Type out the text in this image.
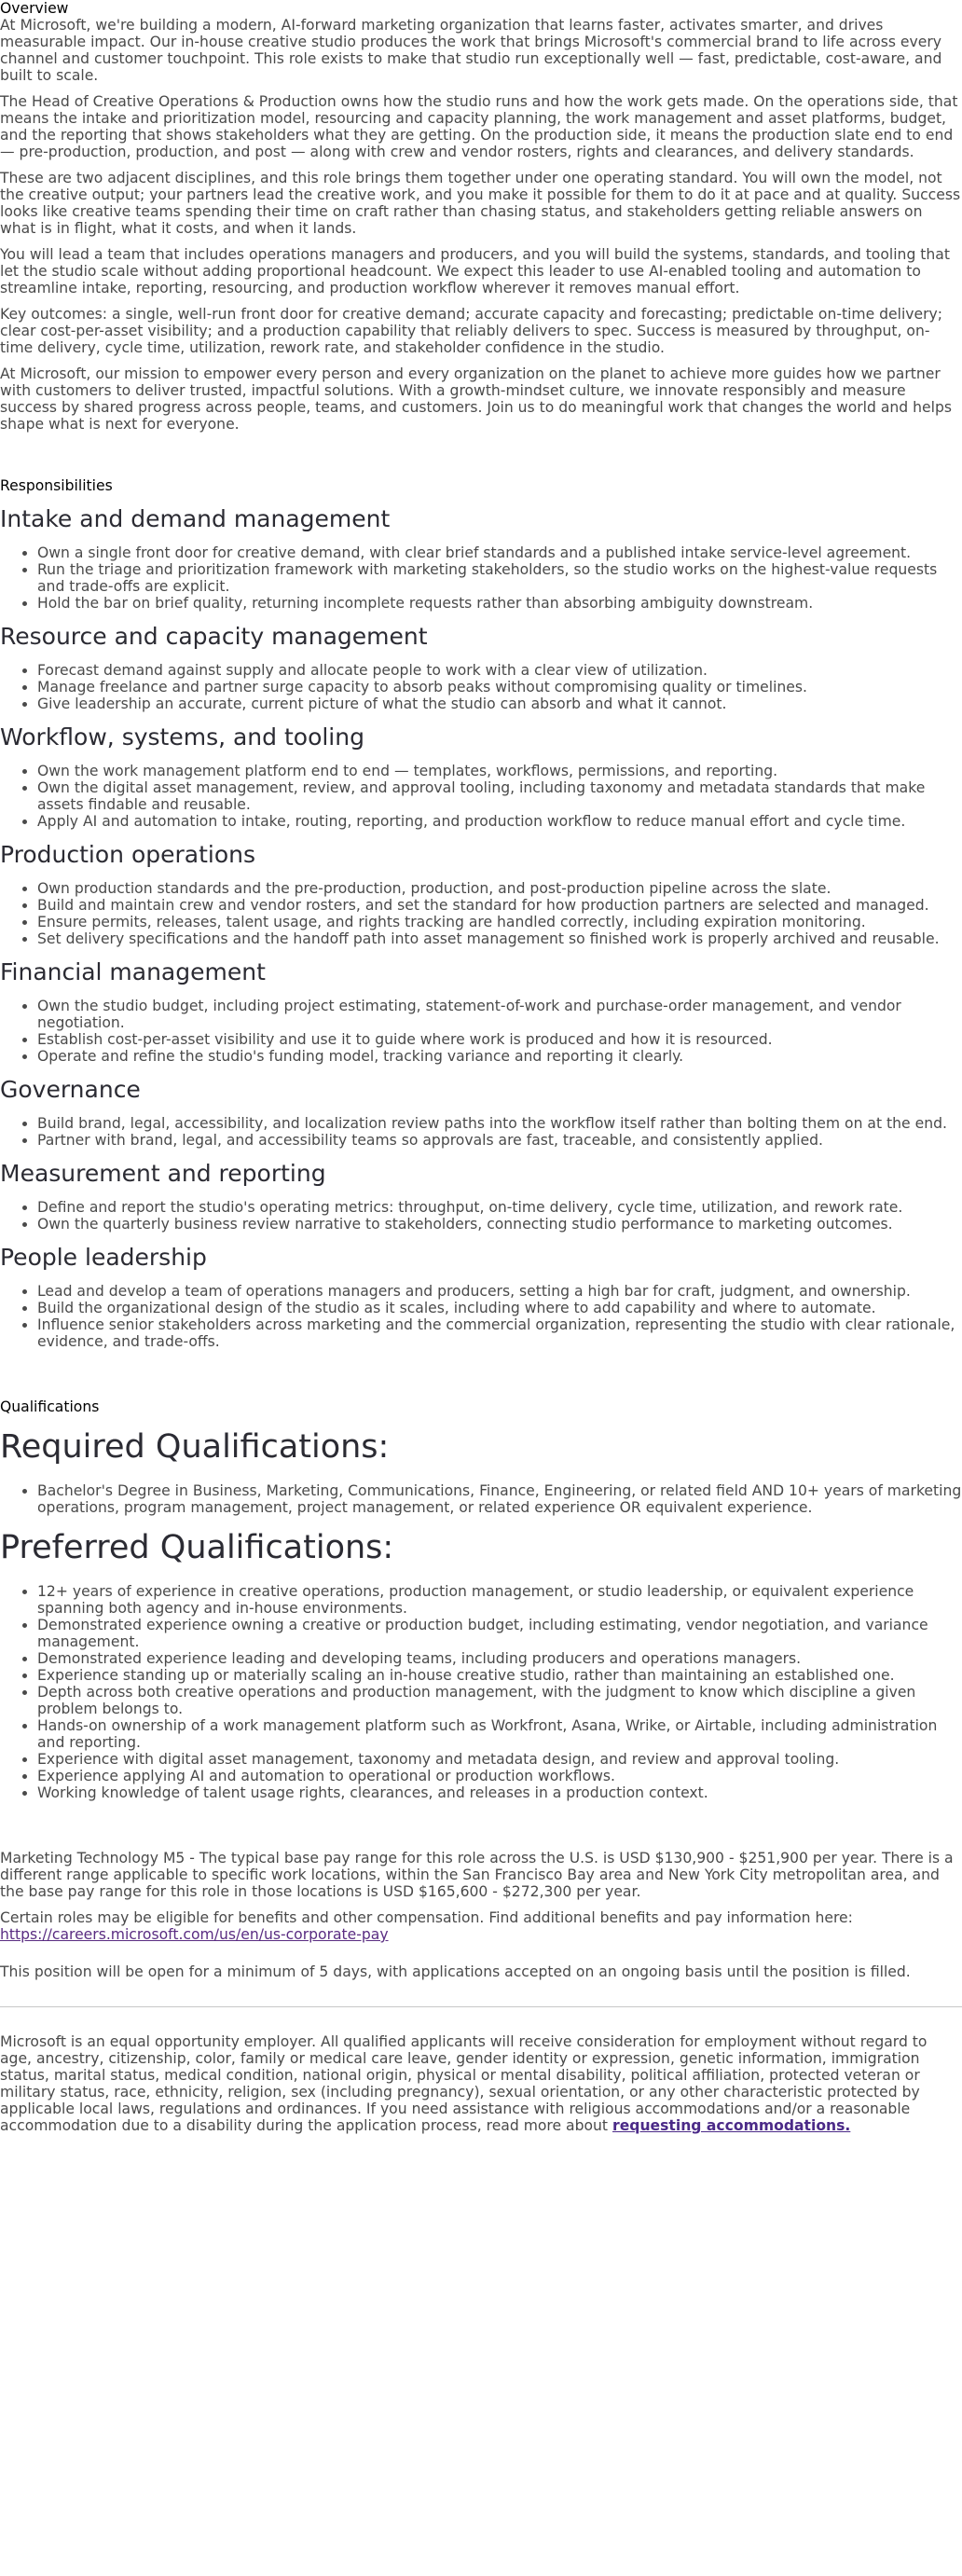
Overview

At Microsoft, we're building a modern, AI-forward marketing organization that learns faster, activates smarter, and drives measurable impact. Our in-house creative studio produces the work that brings Microsoft's commercial brand to life across every channel and customer touchpoint. This role exists to make that studio run exceptionally well — fast, predictable, cost-aware, and built to scale.

The Head of Creative Operations & Production owns how the studio runs and how the work gets made. On the operations side, that means the intake and prioritization model, resourcing and capacity planning, the work management and asset platforms, budget, and the reporting that shows stakeholders what they are getting. On the production side, it means the production slate end to end — pre-production, production, and post — along with crew and vendor rosters, rights and clearances, and delivery standards.

These are two adjacent disciplines, and this role brings them together under one operating standard. You will own the model, not the creative output; your partners lead the creative work, and you make it possible for them to do it at pace and at quality. Success looks like creative teams spending their time on craft rather than chasing status, and stakeholders getting reliable answers on what is in flight, what it costs, and when it lands.

You will lead a team that includes operations managers and producers, and you will build the systems, standards, and tooling that let the studio scale without adding proportional headcount. We expect this leader to use AI-enabled tooling and automation to streamline intake, reporting, resourcing, and production workflow wherever it removes manual effort.

Key outcomes: a single, well-run front door for creative demand; accurate capacity and forecasting; predictable on-time delivery; clear cost-per-asset visibility; and a production capability that reliably delivers to spec. Success is measured by throughput, on-time delivery, cycle time, utilization, rework rate, and stakeholder confidence in the studio.

At Microsoft, our mission to empower every person and every organization on the planet to achieve more guides how we partner with customers to deliver trusted, impactful solutions. With a growth-mindset culture, we innovate responsibly and measure success by shared progress across people, teams, and customers. Join us to do meaningful work that changes the world and helps shape what is next for everyone.

Responsibilities
Intake and demand management
• Own a single front door for creative demand, with clear brief standards and a published intake service-level agreement.
• Run the triage and prioritization framework with marketing stakeholders, so the studio works on the highest-value requests and trade-offs are explicit.
• Hold the bar on brief quality, returning incomplete requests rather than absorbing ambiguity downstream.
Resource and capacity management
• Forecast demand against supply and allocate people to work with a clear view of utilization.
• Manage freelance and partner surge capacity to absorb peaks without compromising quality or timelines.
• Give leadership an accurate, current picture of what the studio can absorb and what it cannot.
Workflow, systems, and tooling
• Own the work management platform end to end — templates, workflows, permissions, and reporting.
• Own the digital asset management, review, and approval tooling, including taxonomy and metadata standards that make assets findable and reusable.
• Apply AI and automation to intake, routing, reporting, and production workflow to reduce manual effort and cycle time.
Production operations
• Own production standards and the pre-production, production, and post-production pipeline across the slate.
• Build and maintain crew and vendor rosters, and set the standard for how production partners are selected and managed.
• Ensure permits, releases, talent usage, and rights tracking are handled correctly, including expiration monitoring.
• Set delivery specifications and the handoff path into asset management so finished work is properly archived and reusable.
Financial management
• Own the studio budget, including project estimating, statement-of-work and purchase-order management, and vendor negotiation.
• Establish cost-per-asset visibility and use it to guide where work is produced and how it is resourced.
• Operate and refine the studio's funding model, tracking variance and reporting it clearly.
Governance
• Build brand, legal, accessibility, and localization review paths into the workflow itself rather than bolting them on at the end.
• Partner with brand, legal, and accessibility teams so approvals are fast, traceable, and consistently applied.
Measurement and reporting
• Define and report the studio's operating metrics: throughput, on-time delivery, cycle time, utilization, and rework rate.
• Own the quarterly business review narrative to stakeholders, connecting studio performance to marketing outcomes.
People leadership
• Lead and develop a team of operations managers and producers, setting a high bar for craft, judgment, and ownership.
• Build the organizational design of the studio as it scales, including where to add capability and where to automate.
• Influence senior stakeholders across marketing and the commercial organization, representing the studio with clear rationale, evidence, and trade-offs.
Qualifications
Required Qualifications:
• Bachelor's Degree in Business, Marketing, Communications, Finance, Engineering, or related field AND 10+ years of marketing operations, program management, project management, or related experience OR equivalent experience.
Preferred Qualifications:
• 12+ years of experience in creative operations, production management, or studio leadership, or equivalent experience spanning both agency and in-house environments.
• Demonstrated experience owning a creative or production budget, including estimating, vendor negotiation, and variance management.
• Demonstrated experience leading and developing teams, including producers and operations managers.
• Experience standing up or materially scaling an in-house creative studio, rather than maintaining an established one.
• Depth across both creative operations and production management, with the judgment to know which discipline a given problem belongs to.
• Hands-on ownership of a work management platform such as Workfront, Asana, Wrike, or Airtable, including administration and reporting.
• Experience with digital asset management, taxonomy and metadata design, and review and approval tooling.
• Experience applying AI and automation to operational or production workflows.
• Working knowledge of talent usage rights, clearances, and releases in a production context.

Marketing Technology M5 - The typical base pay range for this role across the U.S. is USD $130,900 - $251,900 per year. There is a different range applicable to specific work locations, within the San Francisco Bay area and New York City metropolitan area, and the base pay range for this role in those locations is USD $165,600 - $272,300 per year.

Certain roles may be eligible for benefits and other compensation. Find additional benefits and pay information here:

https://careers.microsoft.com/us/en/us-corporate-pay

This position will be open for a minimum of 5 days, with applications accepted on an ongoing basis until the position is filled.

Microsoft is an equal opportunity employer. All qualified applicants will receive consideration for employment without regard to age, ancestry, citizenship, color, family or medical care leave, gender identity or expression, genetic information, immigration status, marital status, medical condition, national origin, physical or mental disability, political affiliation, protected veteran or military status, race, ethnicity, religion, sex (including pregnancy), sexual orientation, or any other characteristic protected by applicable local laws, regulations and ordinances. If you need assistance with religious accommodations and/or a reasonable accommodation due to a disability during the application process, read more about requesting accommodations.
